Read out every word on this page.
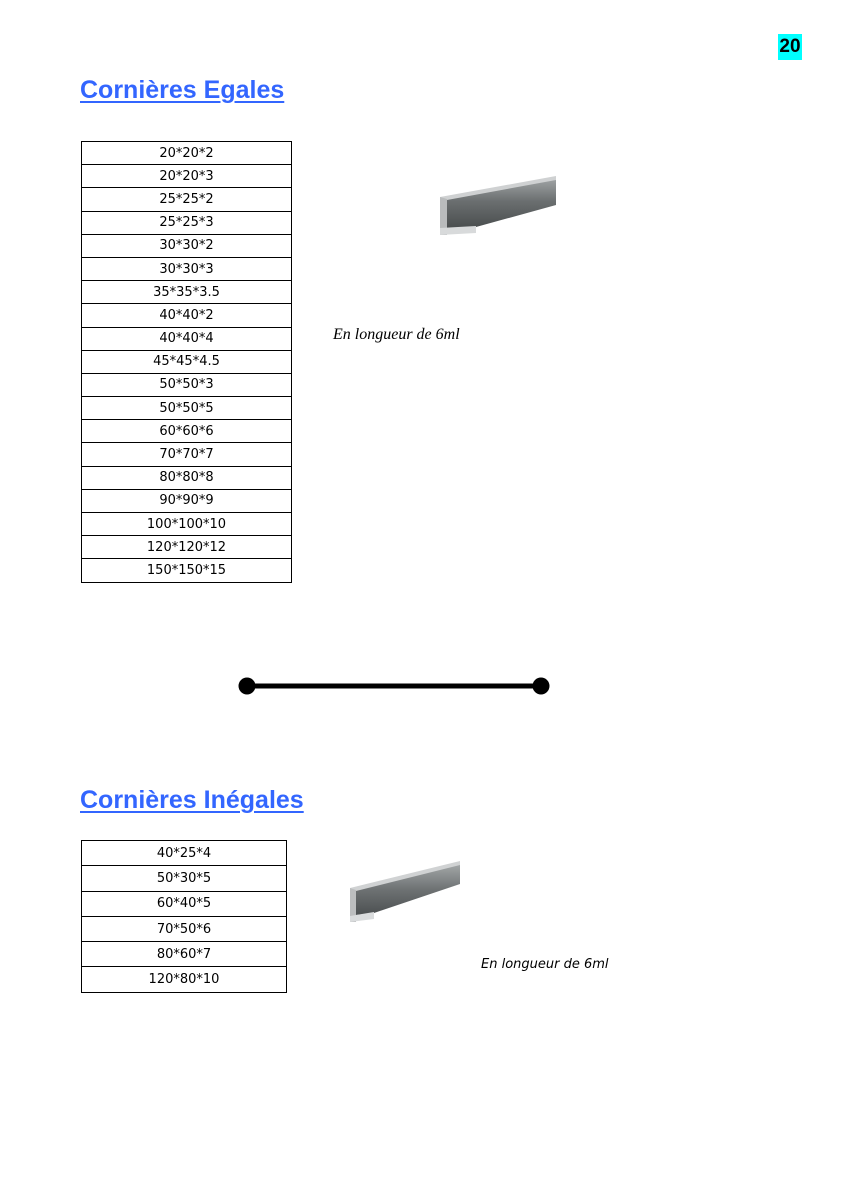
20
Cornières Egales
20*20*2
20*20*3
25*25*2
25*25*3
30*30*2
30*30*3
35*35*3.5
40*40*2
40*40*4
45*45*4.5
50*50*3
50*50*5
60*60*6
70*70*7
80*80*8
90*90*9
100*100*10
120*120*12
150*150*15
En longueur de 6ml
Cornières Inégales
40*25*4
50*30*5
60*40*5
70*50*6
80*60*7
120*80*10
En longueur de 6ml
